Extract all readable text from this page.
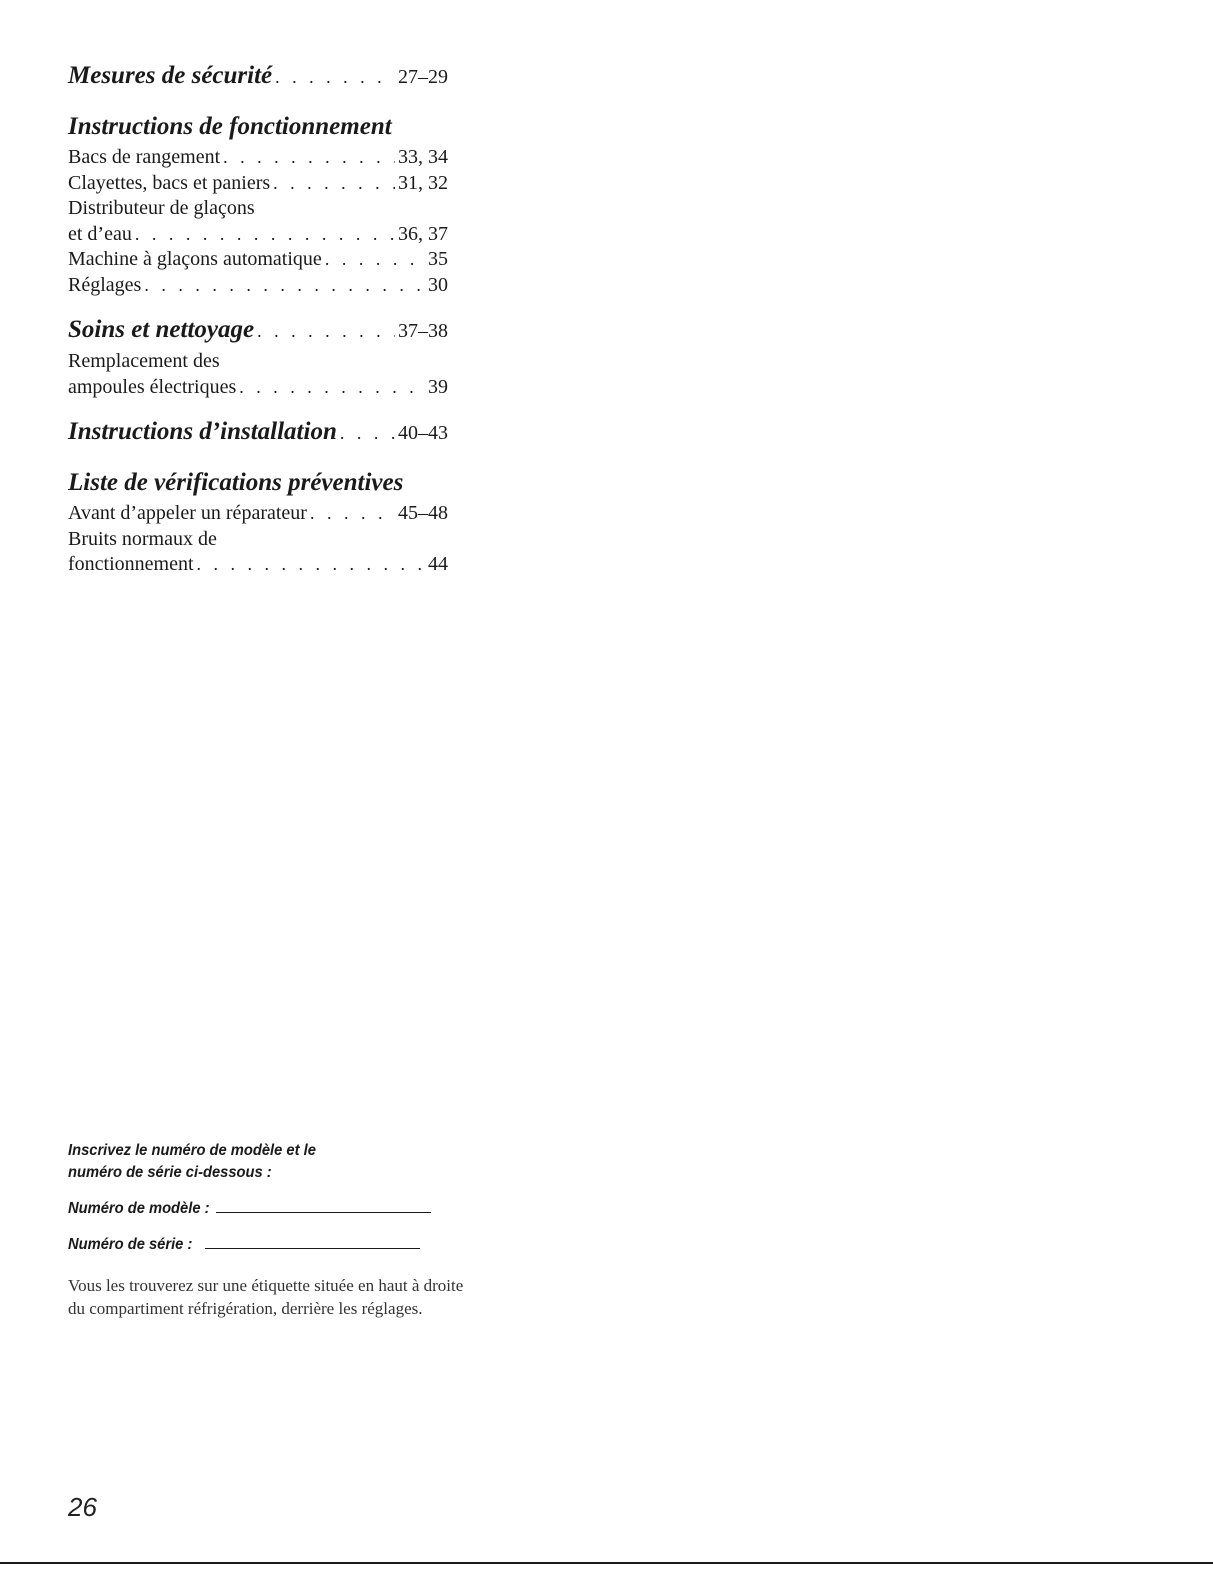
Mesures de sécurité . . .	27–29
Instructions de fonctionnement
Bacs de rangement . . .	33, 34
Clayettes, bacs et paniers . . .	31, 32
Distributeur de glaçons
et d’eau . . .	36, 37
Machine à glaçons automatique . . .	35
Réglages . . .	30
Soins et nettoyage . . .	37–38
Remplacement des
ampoules électriques . . .	39
Instructions d’installation . . .	40–43
Liste de vérifications préventives
Avant d’appeler un réparateur . . .	45–48
Bruits normaux de
fonctionnement . . .	44
Inscrivez le numéro de modèle et le numéro de série ci-dessous :
Numéro de modèle :
Numéro de série :
Vous les trouverez sur une étiquette située en haut à droite du compartiment réfrigération, derrière les réglages.
26
